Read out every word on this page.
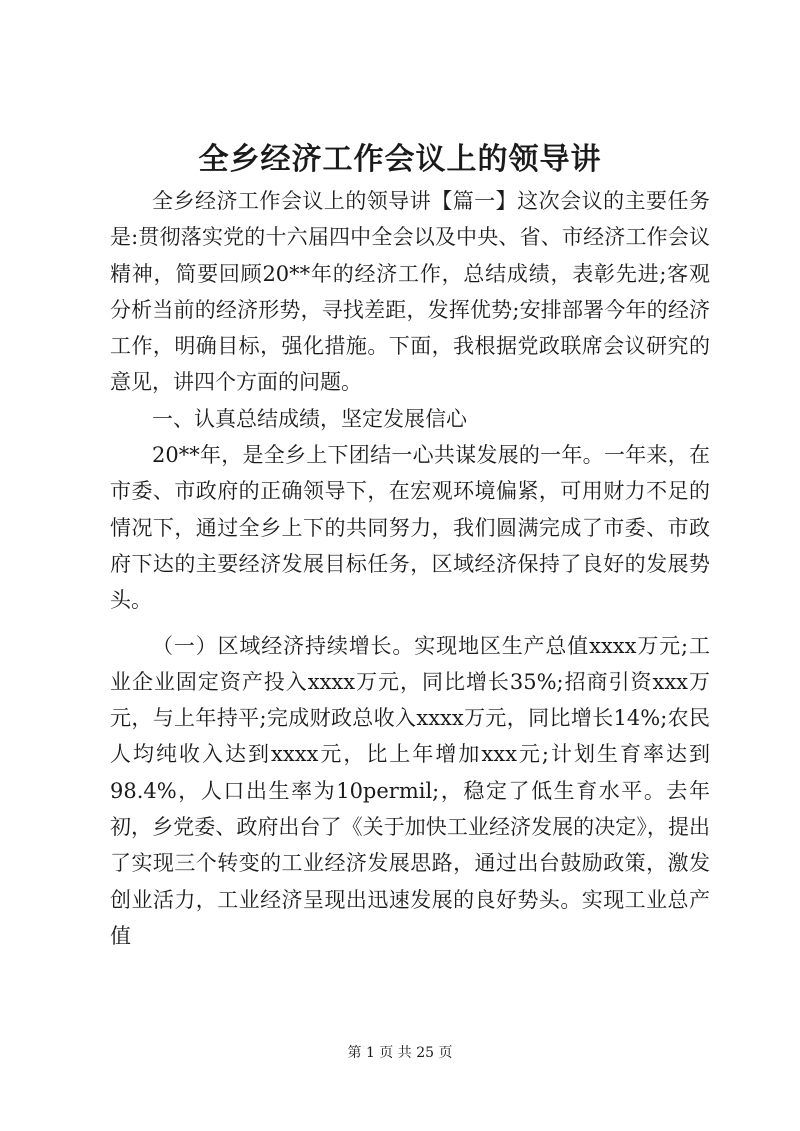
全乡经济工作会议上的领导讲

全乡经济工作会议上的领导讲【篇一】这次会议的主要任务是:贯彻落实党的十六届四中全会以及中央、省、市经济工作会议精神，简要回顾20**年的经济工作，总结成绩，表彰先进;客观分析当前的经济形势，寻找差距，发挥优势;安排部署今年的经济工作，明确目标，强化措施。下面，我根据党政联席会议研究的意见，讲四个方面的问题。

一、认真总结成绩，坚定发展信心

20**年，是全乡上下团结一心共谋发展的一年。一年来，在市委、市政府的正确领导下，在宏观环境偏紧，可用财力不足的情况下，通过全乡上下的共同努力，我们圆满完成了市委、市政府下达的主要经济发展目标任务，区域经济保持了良好的发展势头。

（一）区域经济持续增长。实现地区生产总值xxxx万元;工业企业固定资产投入xxxx万元，同比增长35%;招商引资xxx万元，与上年持平;完成财政总收入xxxx万元，同比增长14%;农民人均纯收入达到xxxx元，比上年增加xxx元;计划生育率达到98.4%，人口出生率为10permil;，稳定了低生育水平。去年初，乡党委、政府出台了《关于加快工业经济发展的决定》，提出了实现三个转变的工业经济发展思路，通过出台鼓励政策，激发创业活力，工业经济呈现出迅速发展的良好势头。实现工业总产值

第 1 页 共 25 页
